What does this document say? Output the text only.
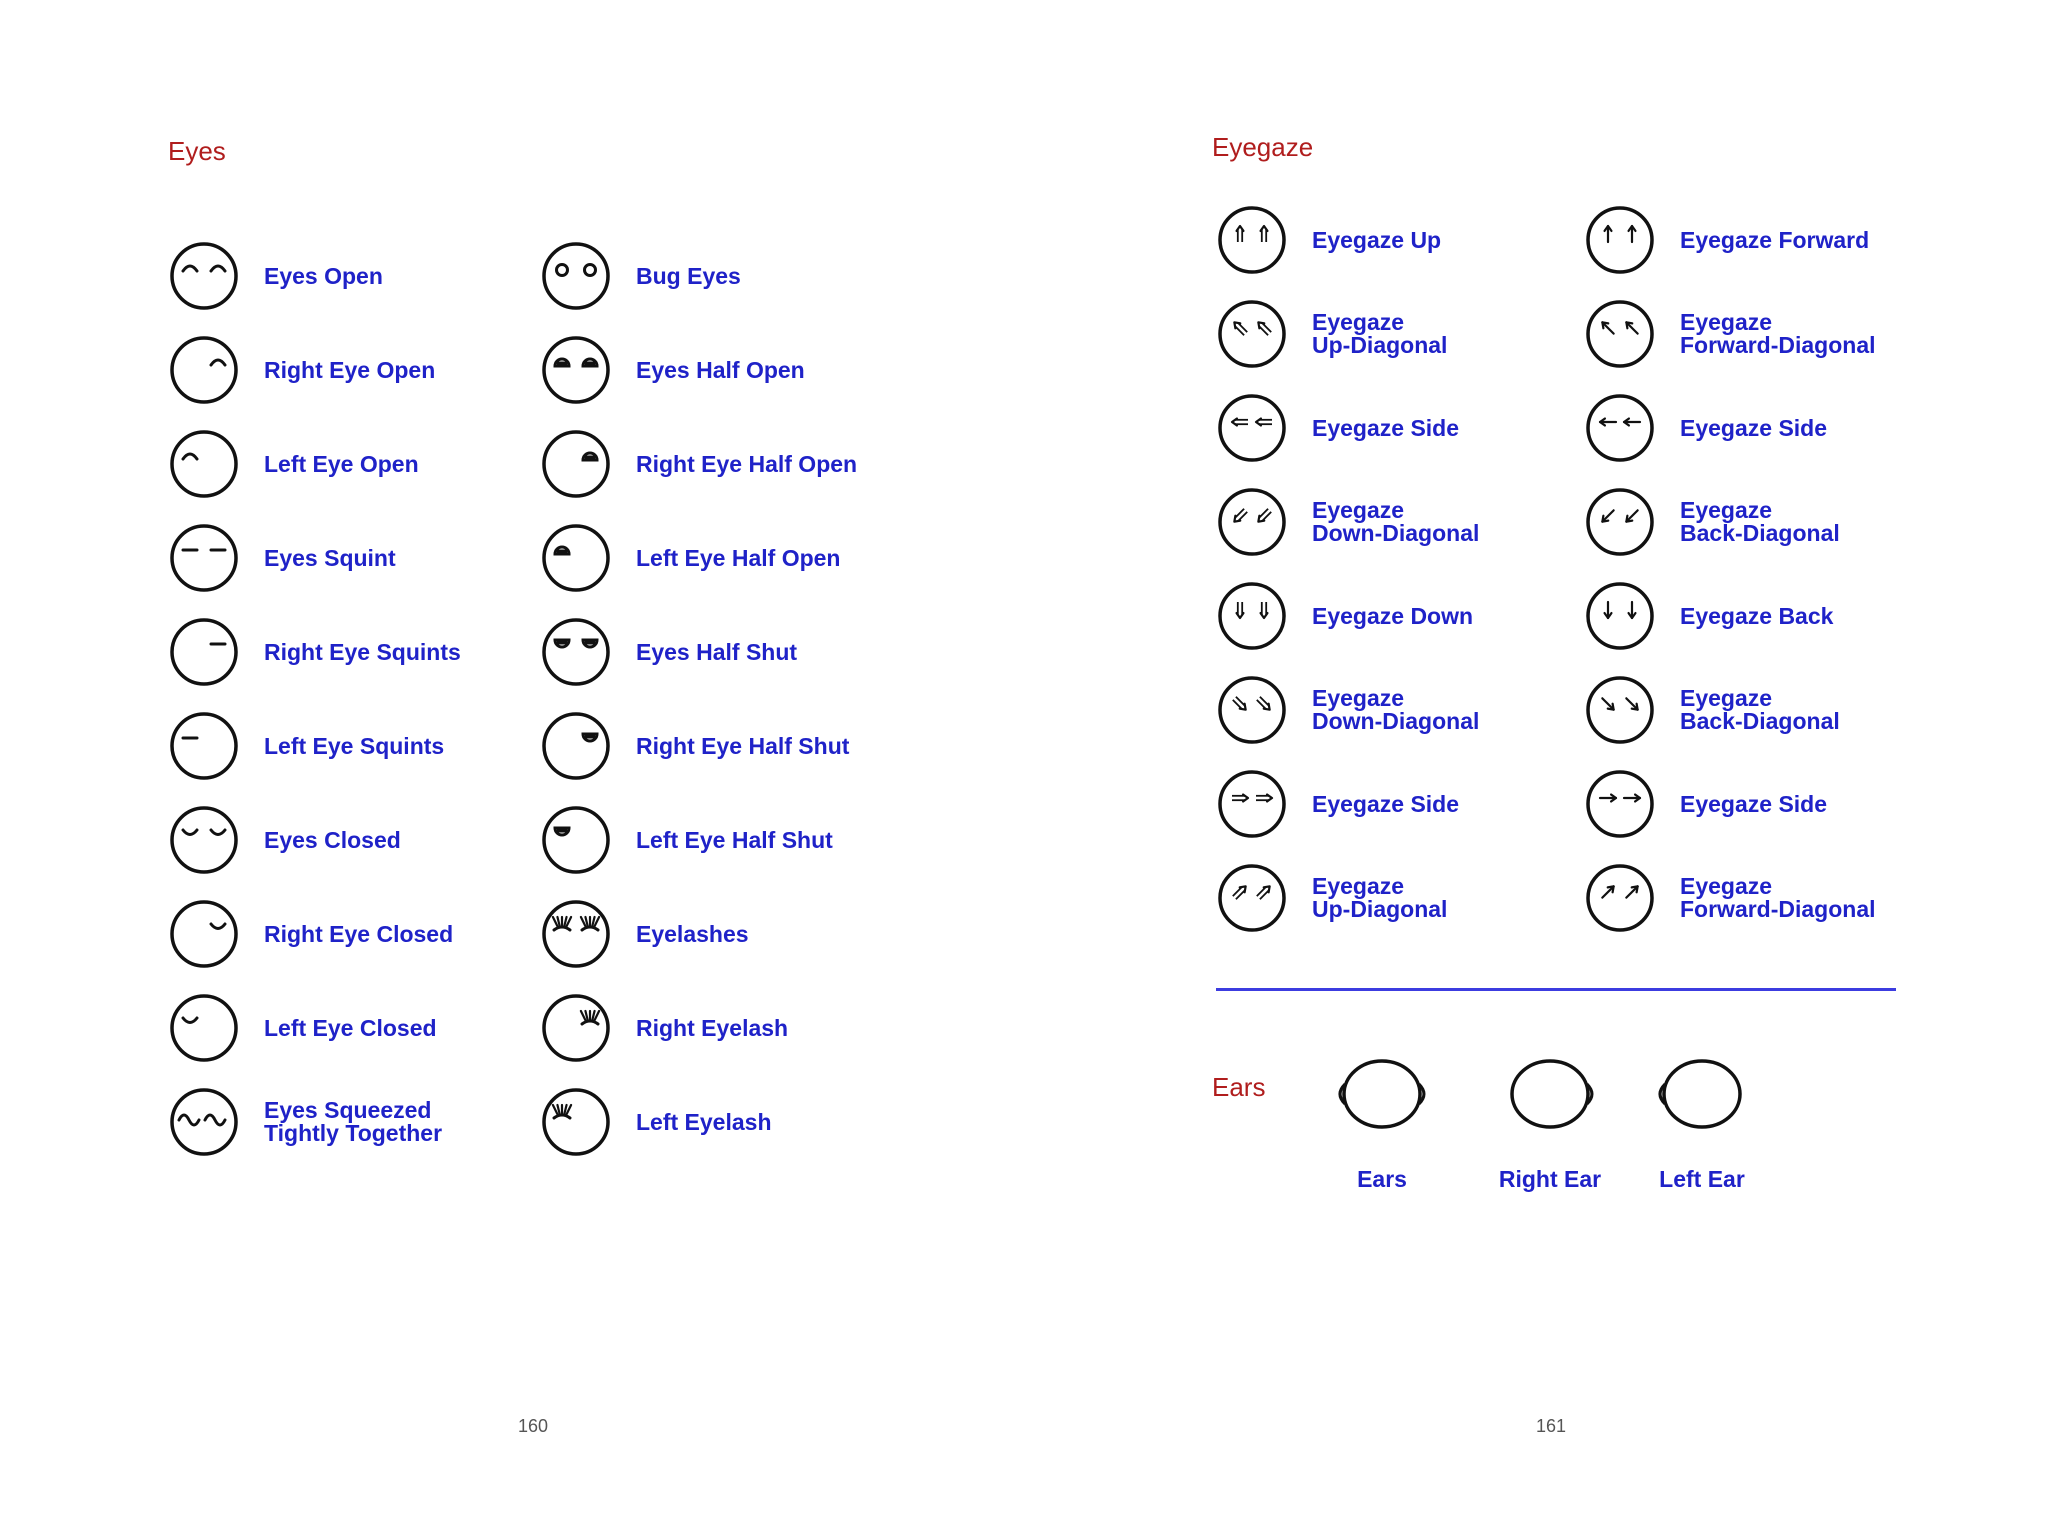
Eyes
Eyes Open
Right Eye Open
Left Eye Open
Eyes Squint
Right Eye Squints
Left Eye Squints
Eyes Closed
Right Eye Closed
Left Eye Closed
Eyes Squeezed
Tightly Together
Bug Eyes
Eyes Half Open
Right Eye Half Open
Left Eye Half Open
Eyes Half Shut
Right Eye Half Shut
Left Eye Half Shut
Eyelashes
Right Eyelash
Left Eyelash
160
Eyegaze
Eyegaze Up
Eyegaze
Up-Diagonal
Eyegaze Side
Eyegaze
Down-Diagonal
Eyegaze Down
Eyegaze
Down-Diagonal
Eyegaze Side
Eyegaze
Up-Diagonal
Eyegaze Forward
Eyegaze
Forward-Diagonal
Eyegaze Side
Eyegaze
Back-Diagonal
Eyegaze Back
Eyegaze
Back-Diagonal
Eyegaze Side
Eyegaze
Forward-Diagonal
Ears
Ears	Right Ear	Left Ear
161
